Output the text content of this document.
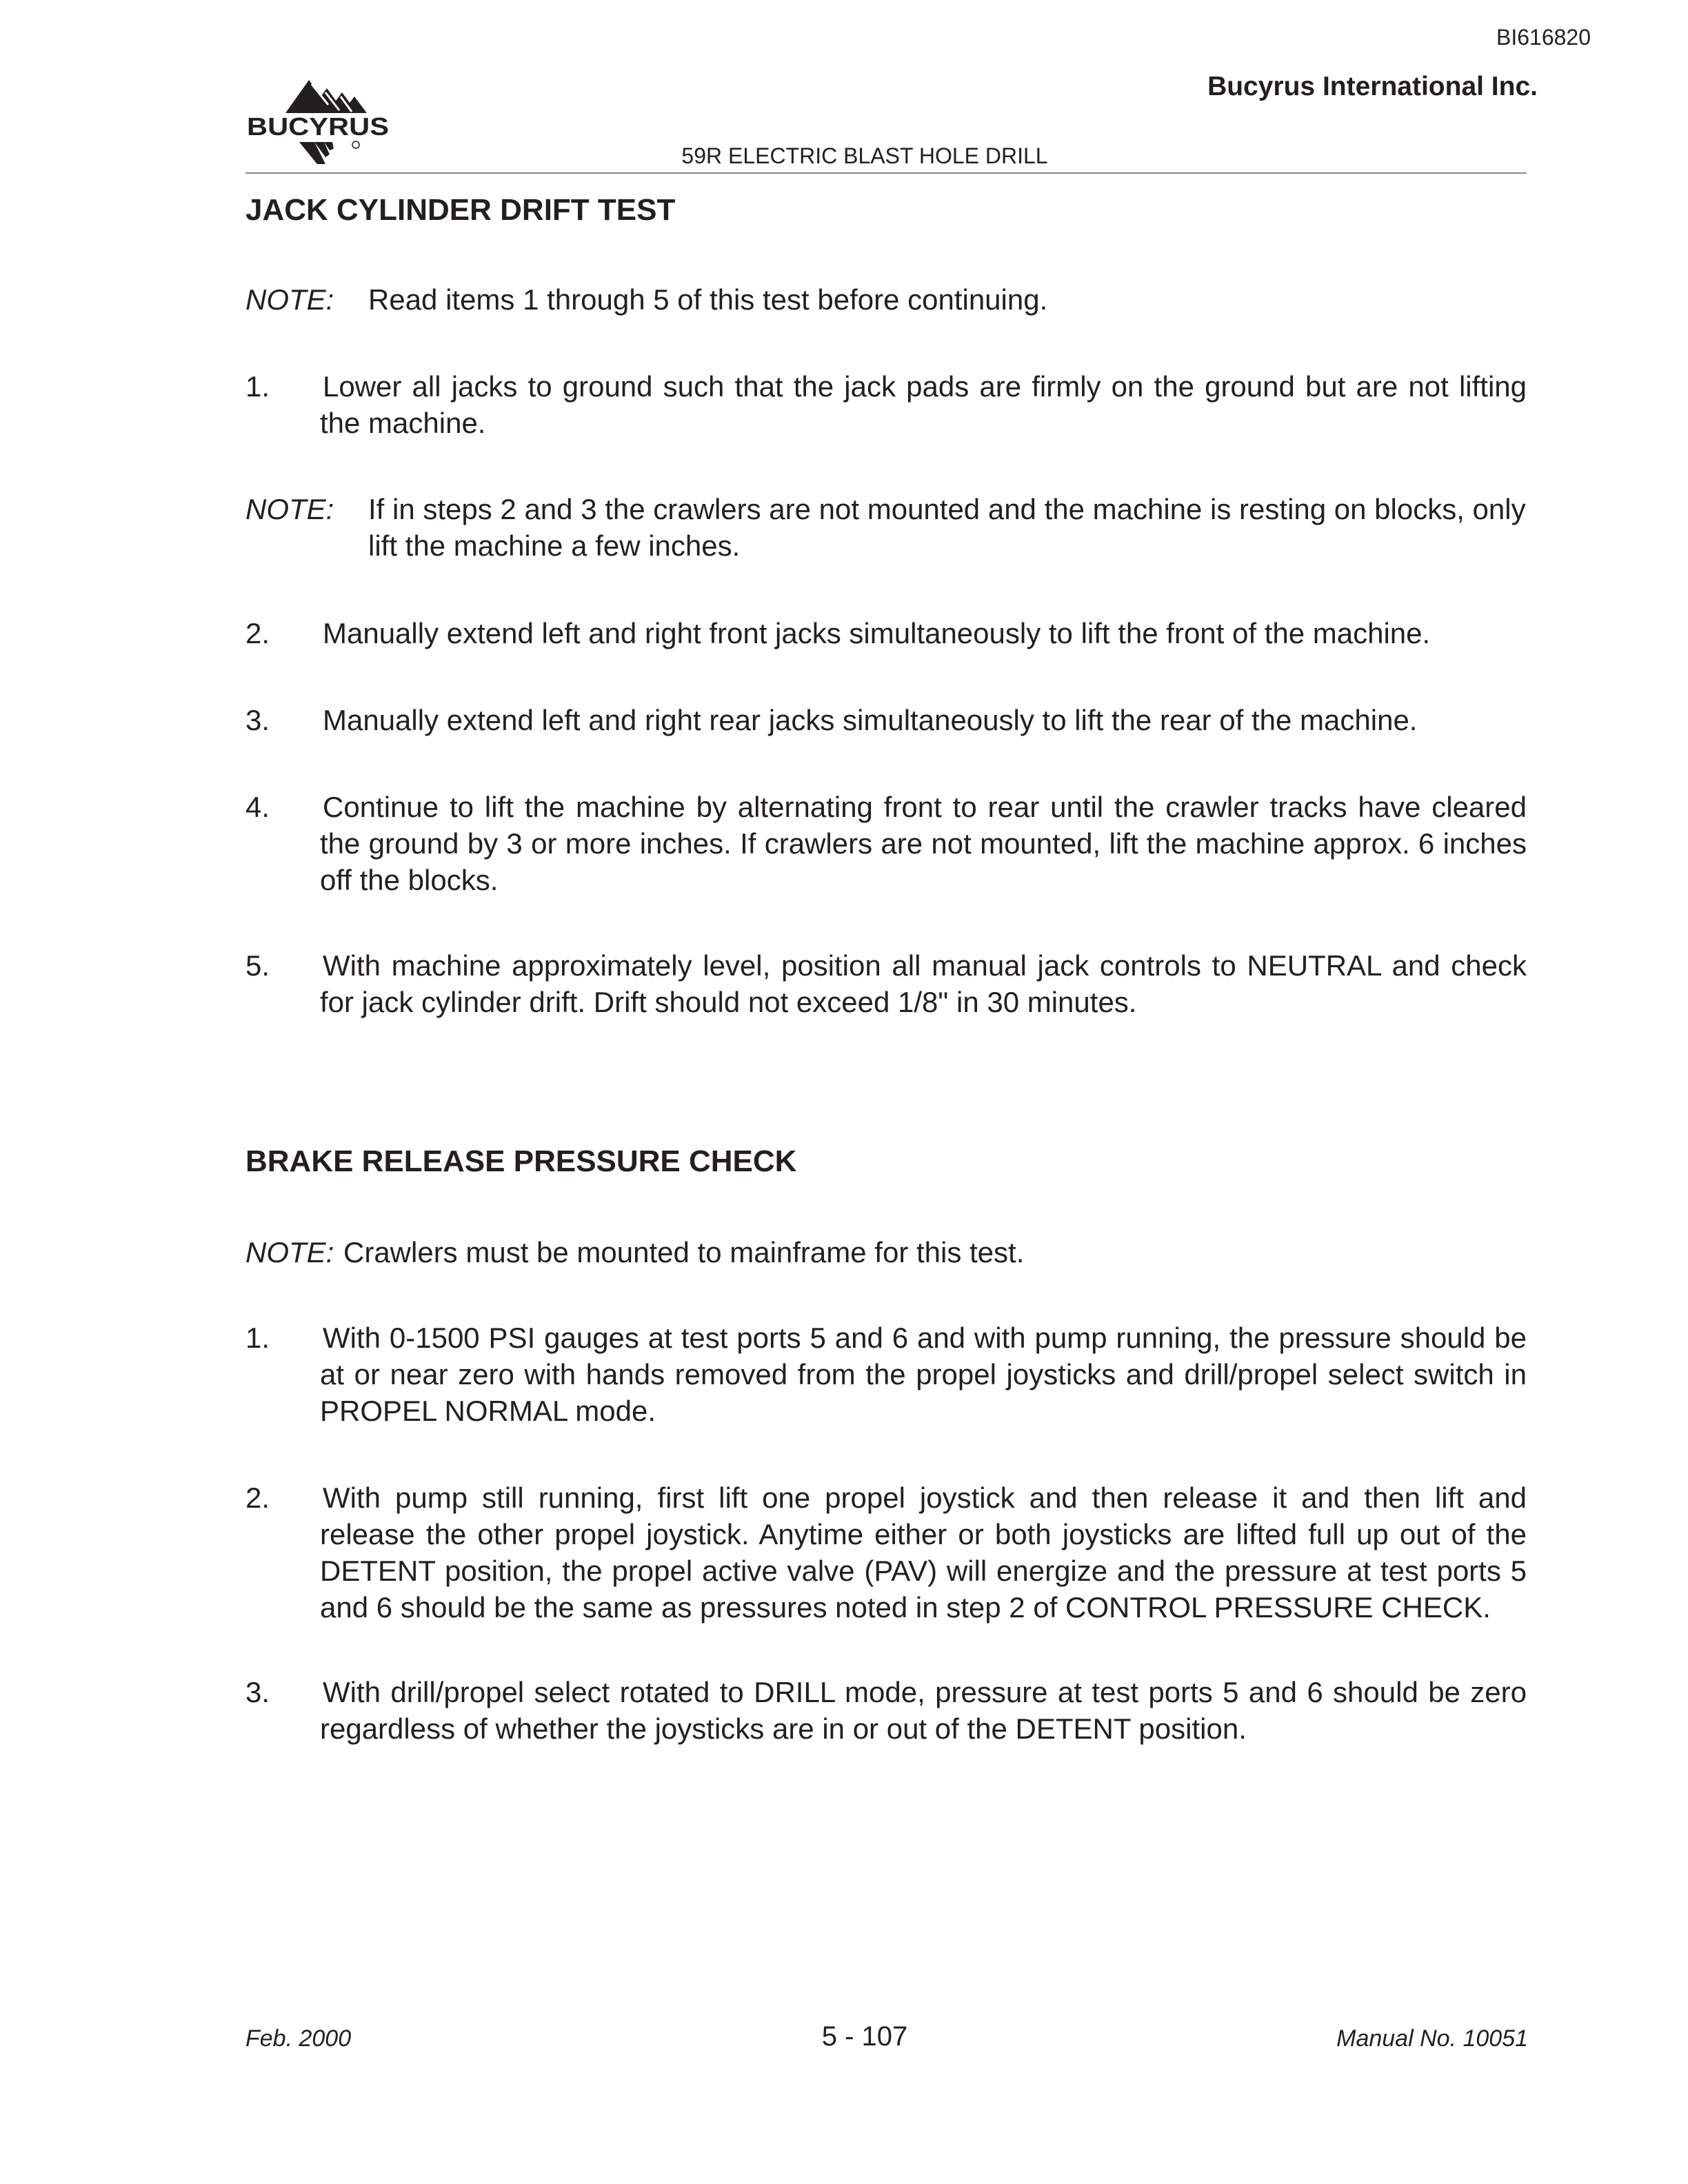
BI616820
Bucyrus International Inc.
BUCYRUS
59R ELECTRIC BLAST HOLE DRILL
JACK CYLINDER DRIFT TEST
NOTE: Read items 1 through 5 of this test before continuing.
1. Lower all jacks to ground such that the jack pads are firmly on the ground but are not lifting the machine.
NOTE: If in steps 2 and 3 the crawlers are not mounted and the machine is resting on blocks, only lift the machine a few inches.
2. Manually extend left and right front jacks simultaneously to lift the front of the machine.
3. Manually extend left and right rear jacks simultaneously to lift the rear of the machine.
4. Continue to lift the machine by alternating front to rear until the crawler tracks have cleared the ground by 3 or more inches. If crawlers are not mounted, lift the machine approx. 6 inches off the blocks.
5. With machine approximately level, position all manual jack controls to NEUTRAL and check for jack cylinder drift. Drift should not exceed 1/8" in 30 minutes.
BRAKE RELEASE PRESSURE CHECK
NOTE: Crawlers must be mounted to mainframe for this test.
1. With 0-1500 PSI gauges at test ports 5 and 6 and with pump running, the pressure should be at or near zero with hands removed from the propel joysticks and drill/propel select switch in PROPEL NORMAL mode.
2. With pump still running, first lift one propel joystick and then release it and then lift and release the other propel joystick. Anytime either or both joysticks are lifted full up out of the DETENT position, the propel active valve (PAV) will energize and the pressure at test ports 5 and 6 should be the same as pressures noted in step 2 of CONTROL PRESSURE CHECK.
3. With drill/propel select rotated to DRILL mode, pressure at test ports 5 and 6 should be zero regardless of whether the joysticks are in or out of the DETENT position.
Feb. 2000	5 - 107	Manual No. 10051
